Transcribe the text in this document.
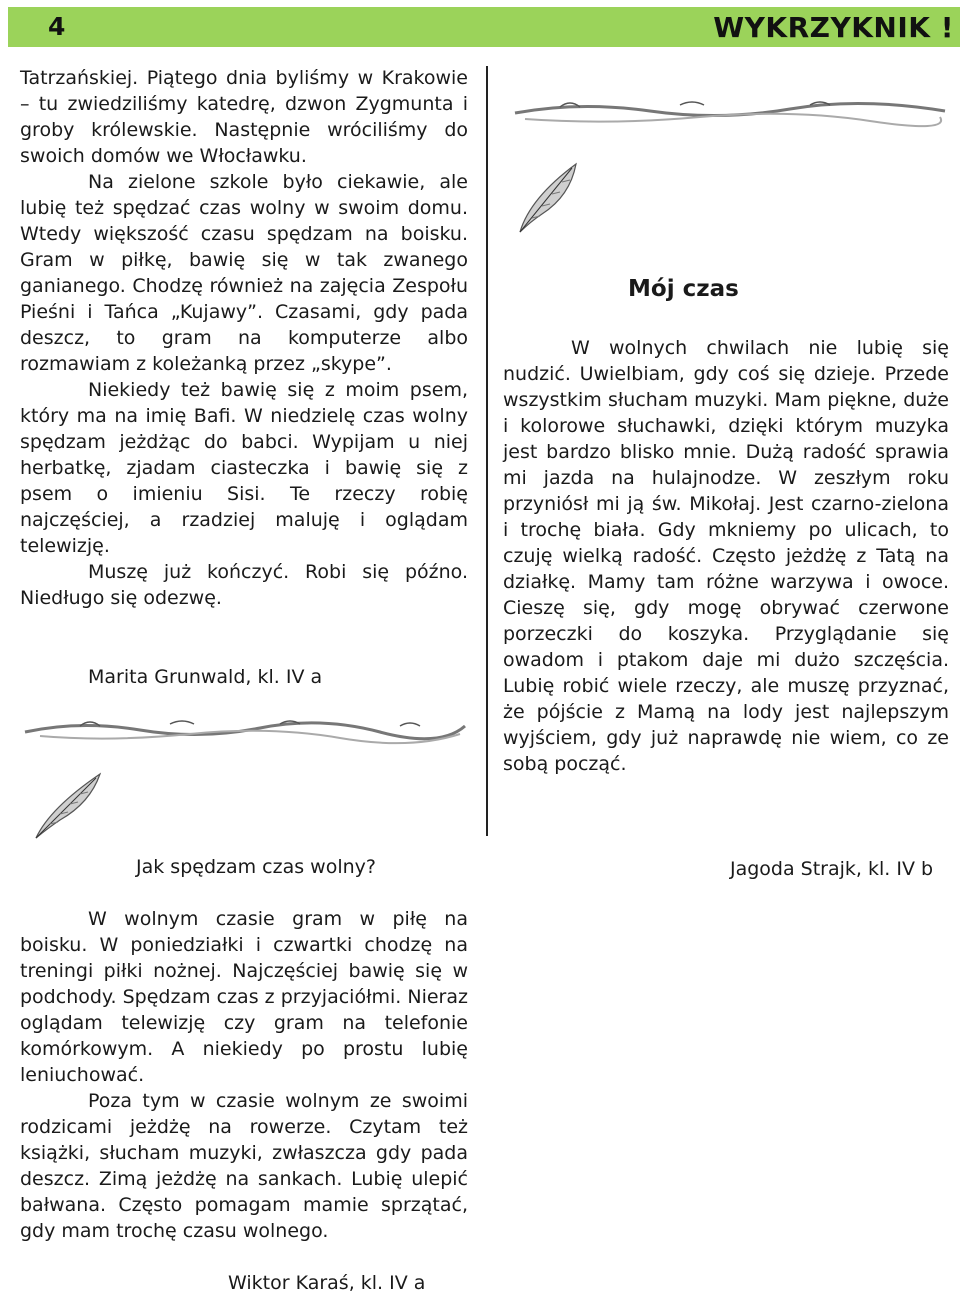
4	WYKRZYKNIK !

Tatrzańskiej. Piątego dnia byliśmy w Krakowie – tu zwiedziliśmy katedrę, dzwon Zygmunta i groby królewskie. Następnie wróciliśmy do swoich domów we Włocławku.

Na zielone szkole było ciekawie, ale lubię też spędzać czas wolny w swoim domu. Wtedy większość czasu spędzam na boisku. Gram w piłkę, bawię się w tak zwanego ganianego. Chodzę również na zajęcia Zespołu Pieśni i Tańca „Kujawy”. Czasami, gdy pada deszcz, to gram na komputerze albo rozmawiam z koleżanką przez „skype”.

Niekiedy też bawię się z moim psem, który ma na imię Bafi. W niedzielę czas wolny spędzam jeżdżąc do babci. Wypijam u niej herbatkę, zjadam ciasteczka i bawię się z psem o imieniu Sisi. Te rzeczy robię najczęściej, a rzadziej maluję i oglądam telewizję.

Muszę już kończyć. Robi się późno. Niedługo się odezwę.

Marita Grunwald, kl. IV a
Mój czas

W wolnych chwilach nie lubię się nudzić. Uwielbiam, gdy coś się dzieje. Przede wszystkim słucham muzyki. Mam piękne, duże i kolorowe słuchawki, dzięki którym muzyka jest bardzo blisko mnie. Dużą radość sprawia mi jazda na hulajnodze. W zeszłym roku przyniósł mi ją św. Mikołaj. Jest czarno-zielona i trochę biała. Gdy mkniemy po ulicach, to czuję wielką radość. Często jeżdżę z Tatą na działkę. Mamy tam różne warzywa i owoce. Cieszę się, gdy mogę obrywać czerwone porzeczki do koszyka. Przyglądanie się owadom i ptakom daje mi dużo szczęścia. Lubię robić wiele rzeczy, ale muszę przyznać, że pójście z Mamą na lody jest najlepszym wyjściem, gdy już naprawdę nie wiem, co ze sobą począć.

Jagoda Strajk, kl. IV b
Jak spędzam czas wolny?

W wolnym czasie gram w piłę na boisku. W poniedziałki i czwartki chodzę na treningi piłki nożnej. Najczęściej bawię się w podchody. Spędzam czas z przyjaciółmi. Nieraz oglądam telewizję czy gram na telefonie komórkowym. A niekiedy po prostu lubię leniuchować.

Poza tym w czasie wolnym ze swoimi rodzicami jeżdżę na rowerze. Czytam też książki, słucham muzyki, zwłaszcza gdy pada deszcz. Zimą jeżdżę na sankach. Lubię ulepić bałwana. Często pomagam mamie sprzątać, gdy mam trochę czasu wolnego.

Wiktor Karaś, kl. IV a
